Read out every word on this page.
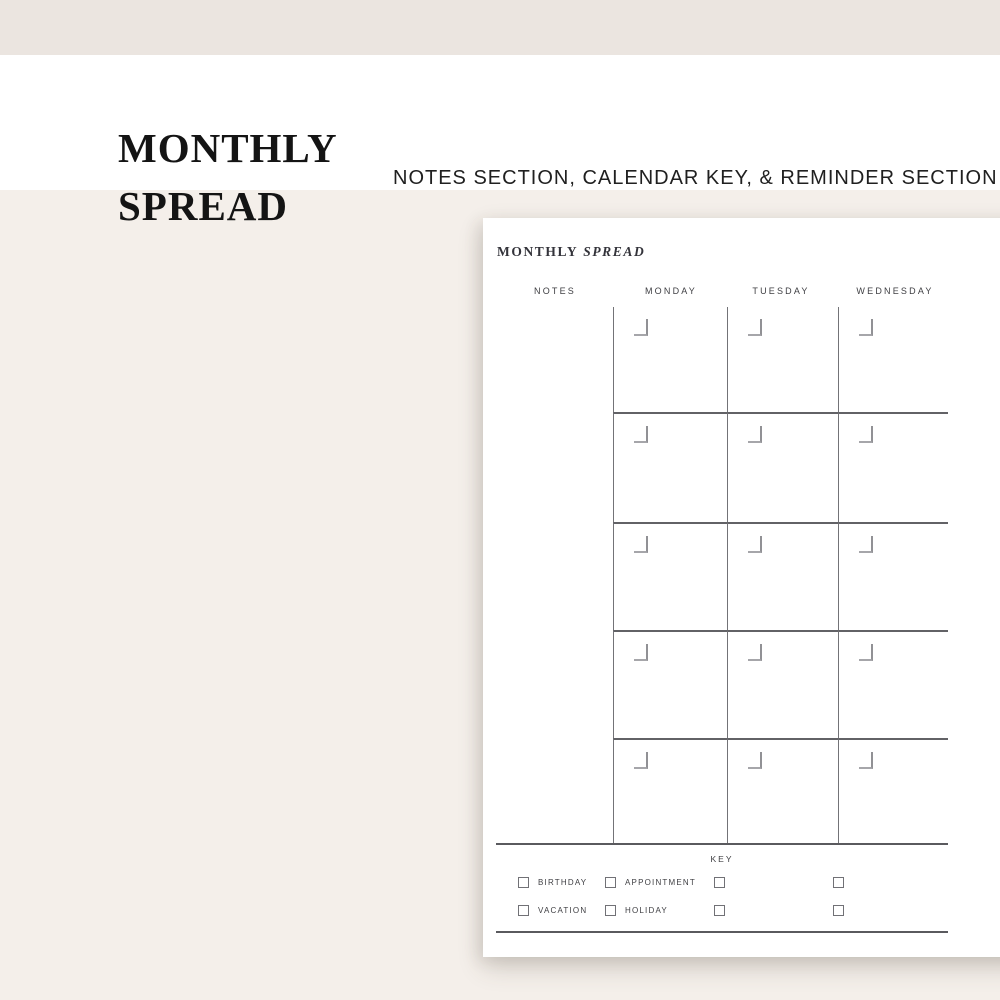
MONTHLY
SPREAD
NOTES SECTION, CALENDAR KEY, & REMINDER SECTION
MONTHLY SPREAD
NOTES	MONDAY	TUESDAY	WEDNESDAY
KEY
BIRTHDAY	APPOINTMENT
VACATION	HOLIDAY
